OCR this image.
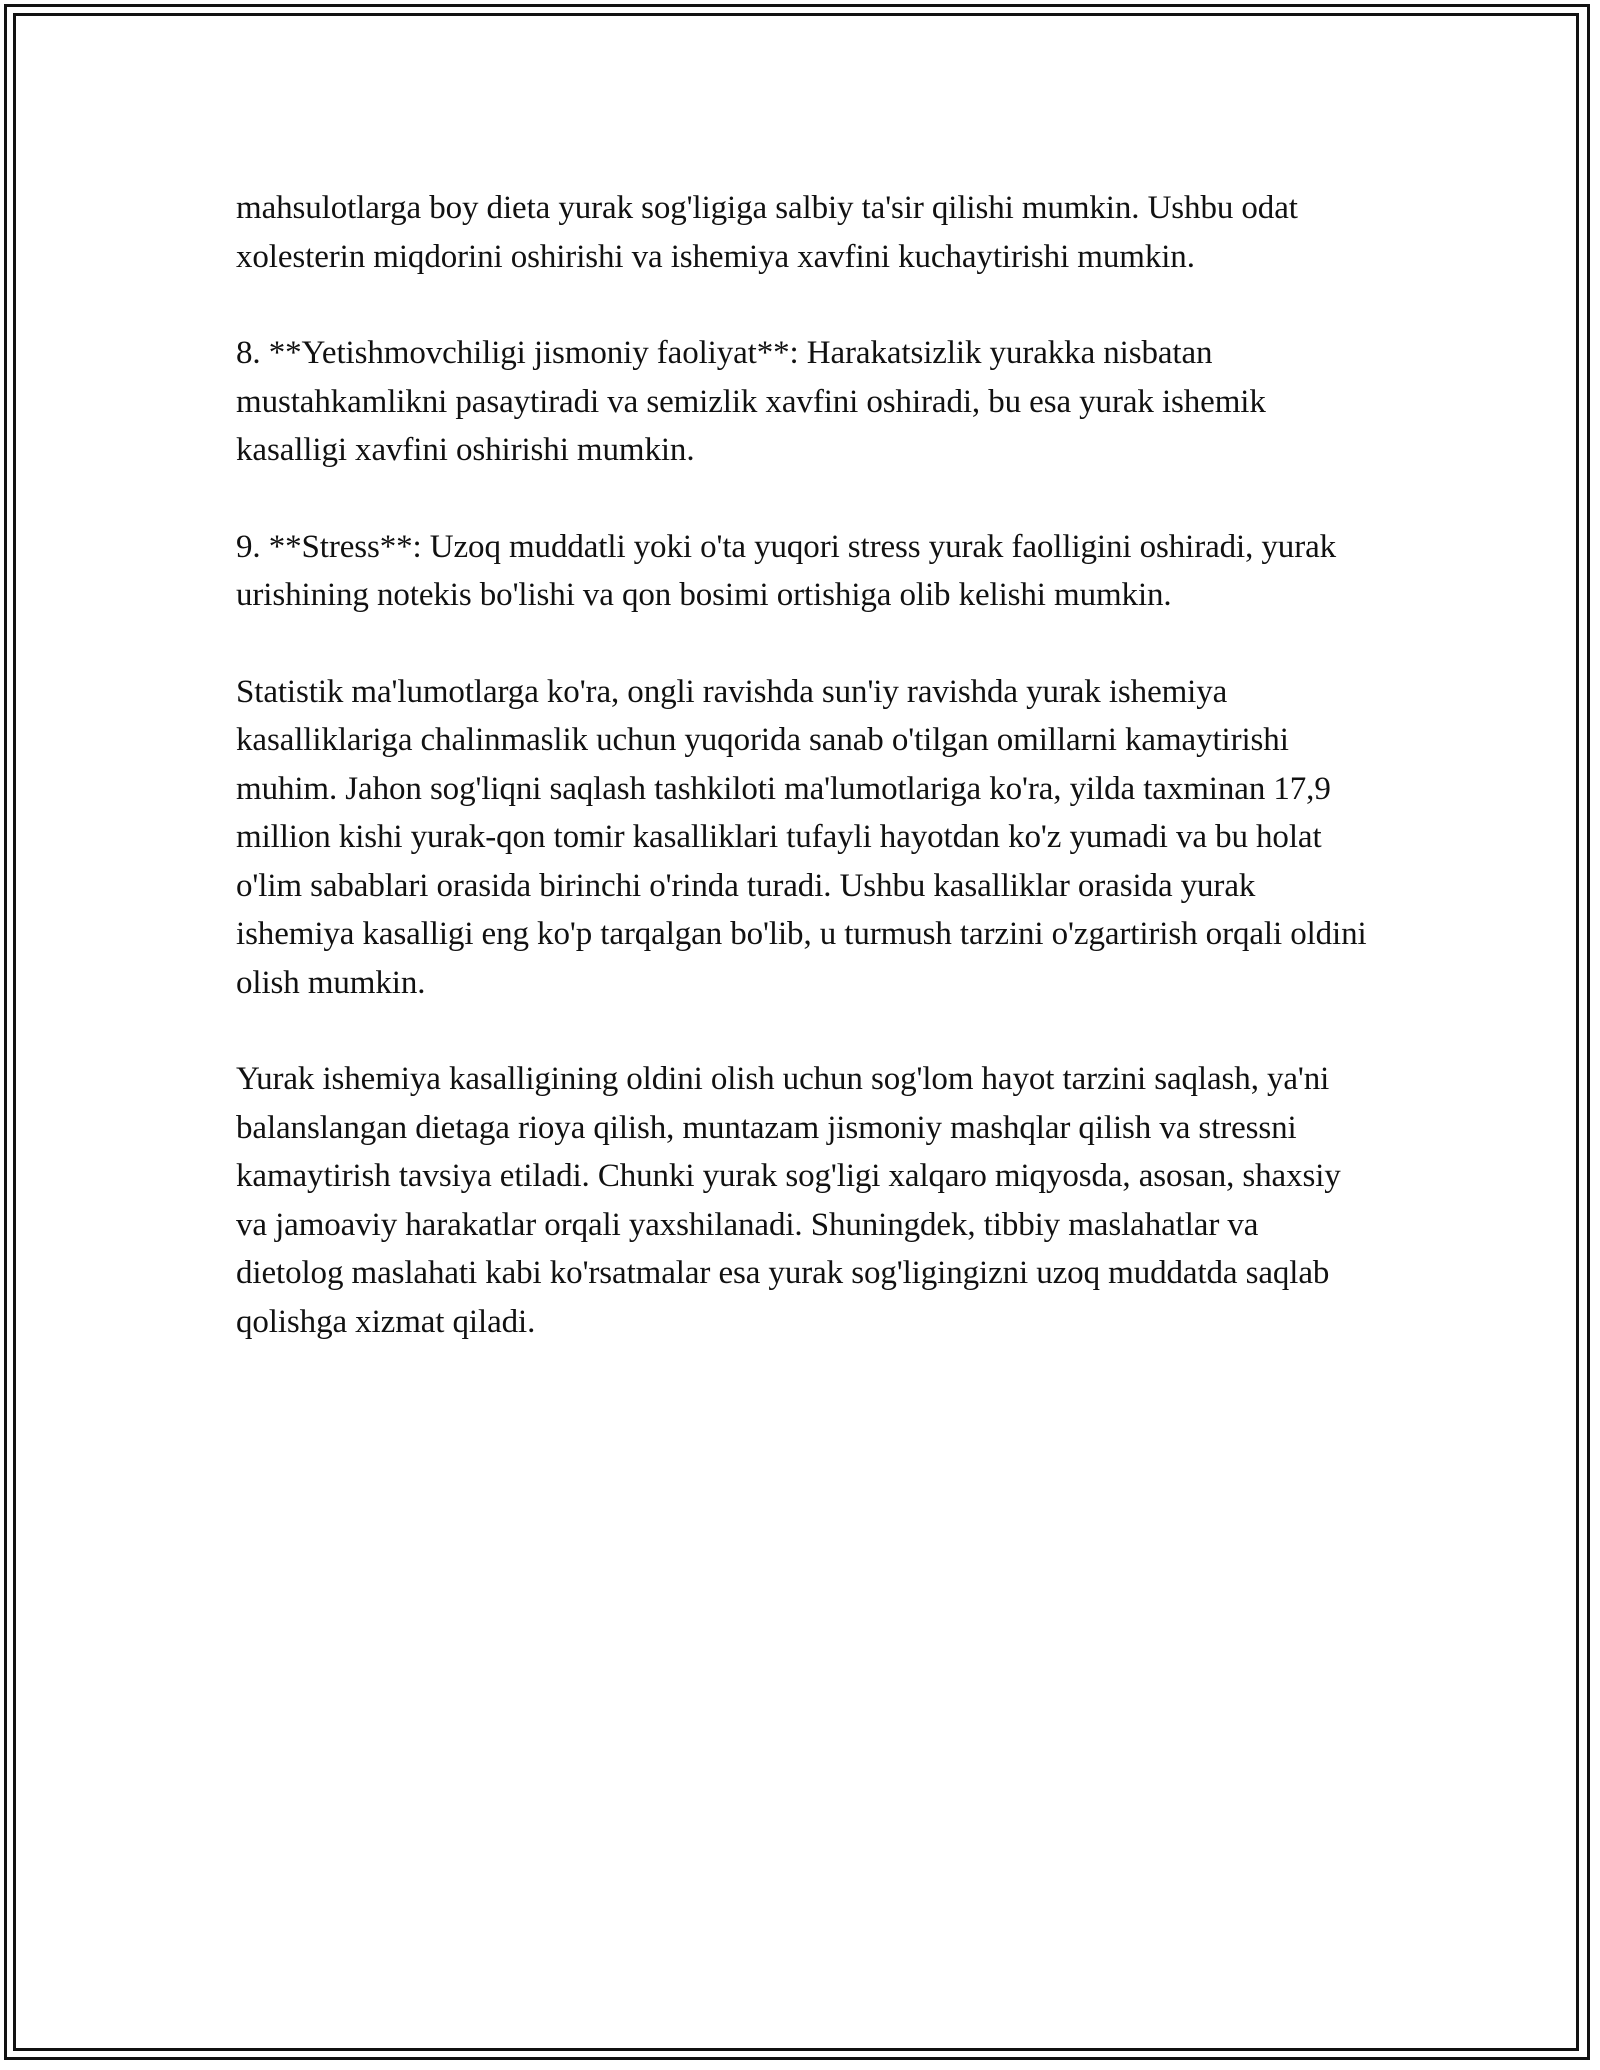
mahsulotlarga boy dieta yurak sog'ligiga salbiy ta'sir qilishi mumkin. Ushbu odat xolesterin miqdorini oshirishi va ishemiya xavfini kuchaytirishi mumkin.

8. **Yetishmovchiligi jismoniy faoliyat**: Harakatsizlik yurakka nisbatan mustahkamlikni pasaytiradi va semizlik xavfini oshiradi, bu esa yurak ishemik kasalligi xavfini oshirishi mumkin.

9. **Stress**: Uzoq muddatli yoki o'ta yuqori stress yurak faolligini oshiradi, yurak urishining notekis bo'lishi va qon bosimi ortishiga olib kelishi mumkin.

Statistik ma'lumotlarga ko'ra, ongli ravishda sun'iy ravishda yurak ishemiya kasalliklariga chalinmaslik uchun yuqorida sanab o'tilgan omillarni kamaytirishi muhim. Jahon sog'liqni saqlash tashkiloti ma'lumotlariga ko'ra, yilda taxminan 17,9 million kishi yurak-qon tomir kasalliklari tufayli hayotdan ko'z yumadi va bu holat o'lim sabablari orasida birinchi o'rinda turadi. Ushbu kasalliklar orasida yurak ishemiya kasalligi eng ko'p tarqalgan bo'lib, u turmush tarzini o'zgartirish orqali oldini olish mumkin.

Yurak ishemiya kasalligining oldini olish uchun sog'lom hayot tarzini saqlash, ya'ni balanslangan dietaga rioya qilish, muntazam jismoniy mashqlar qilish va stressni kamaytirish tavsiya etiladi. Chunki yurak sog'ligi xalqaro miqyosda, asosan, shaxsiy va jamoaviy harakatlar orqali yaxshilanadi. Shuningdek, tibbiy maslahatlar va dietolog maslahati kabi ko'rsatmalar esa yurak sog'ligingizni uzoq muddatda saqlab qolishga xizmat qiladi.
